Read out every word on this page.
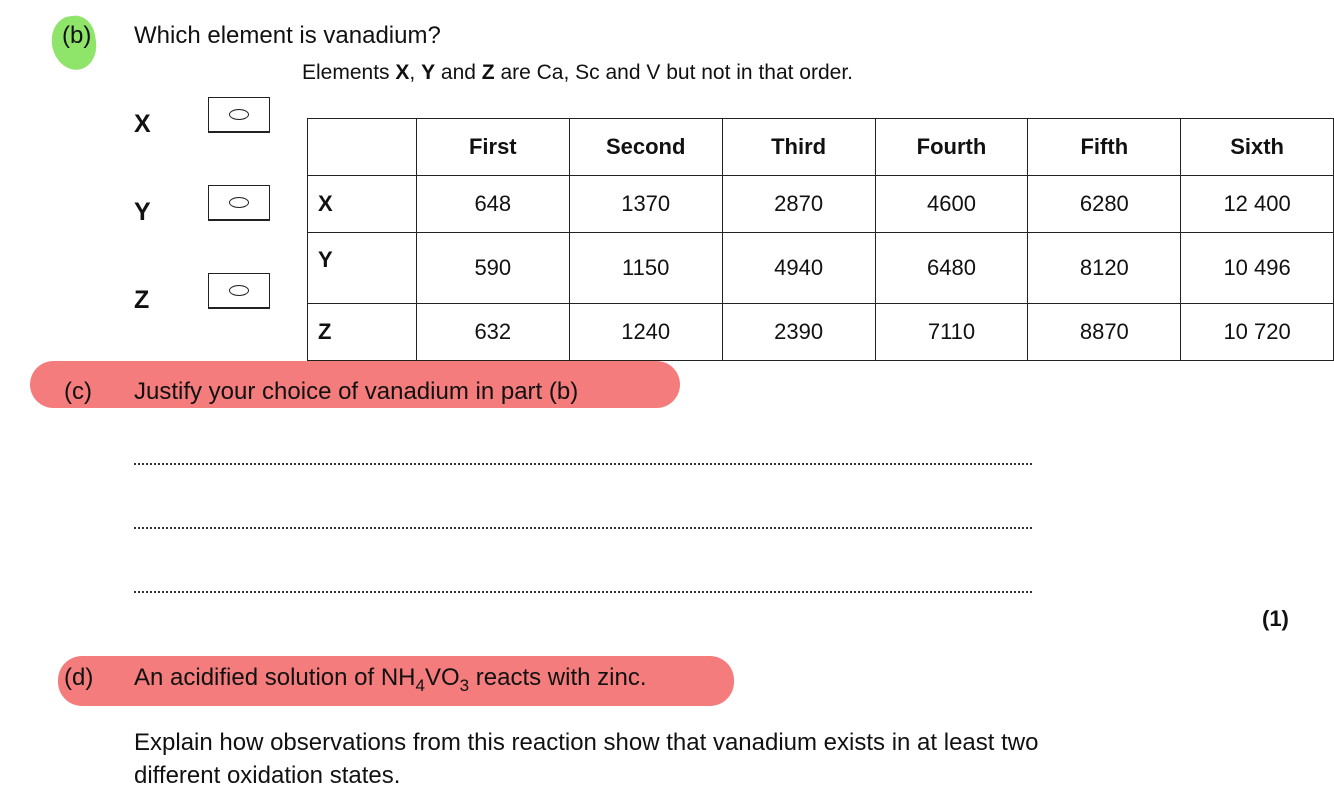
(b) Which element is vanadium?
Elements X, Y and Z are Ca, Sc and V but not in that order.
X
Y
Z
	First	Second	Third	Fourth	Fifth	Sixth
X	648	1370	2870	4600	6280	12 400
Y	590	1150	4940	6480	8120	10 496
Z	632	1240	2390	7110	8870	10 720
(c) Justify your choice of vanadium in part (b)
(1)
(d) An acidified solution of $NH_4VO_3$ reacts with zinc.
Explain how observations from this reaction show that vanadium exists in at least two
different oxidation states.
